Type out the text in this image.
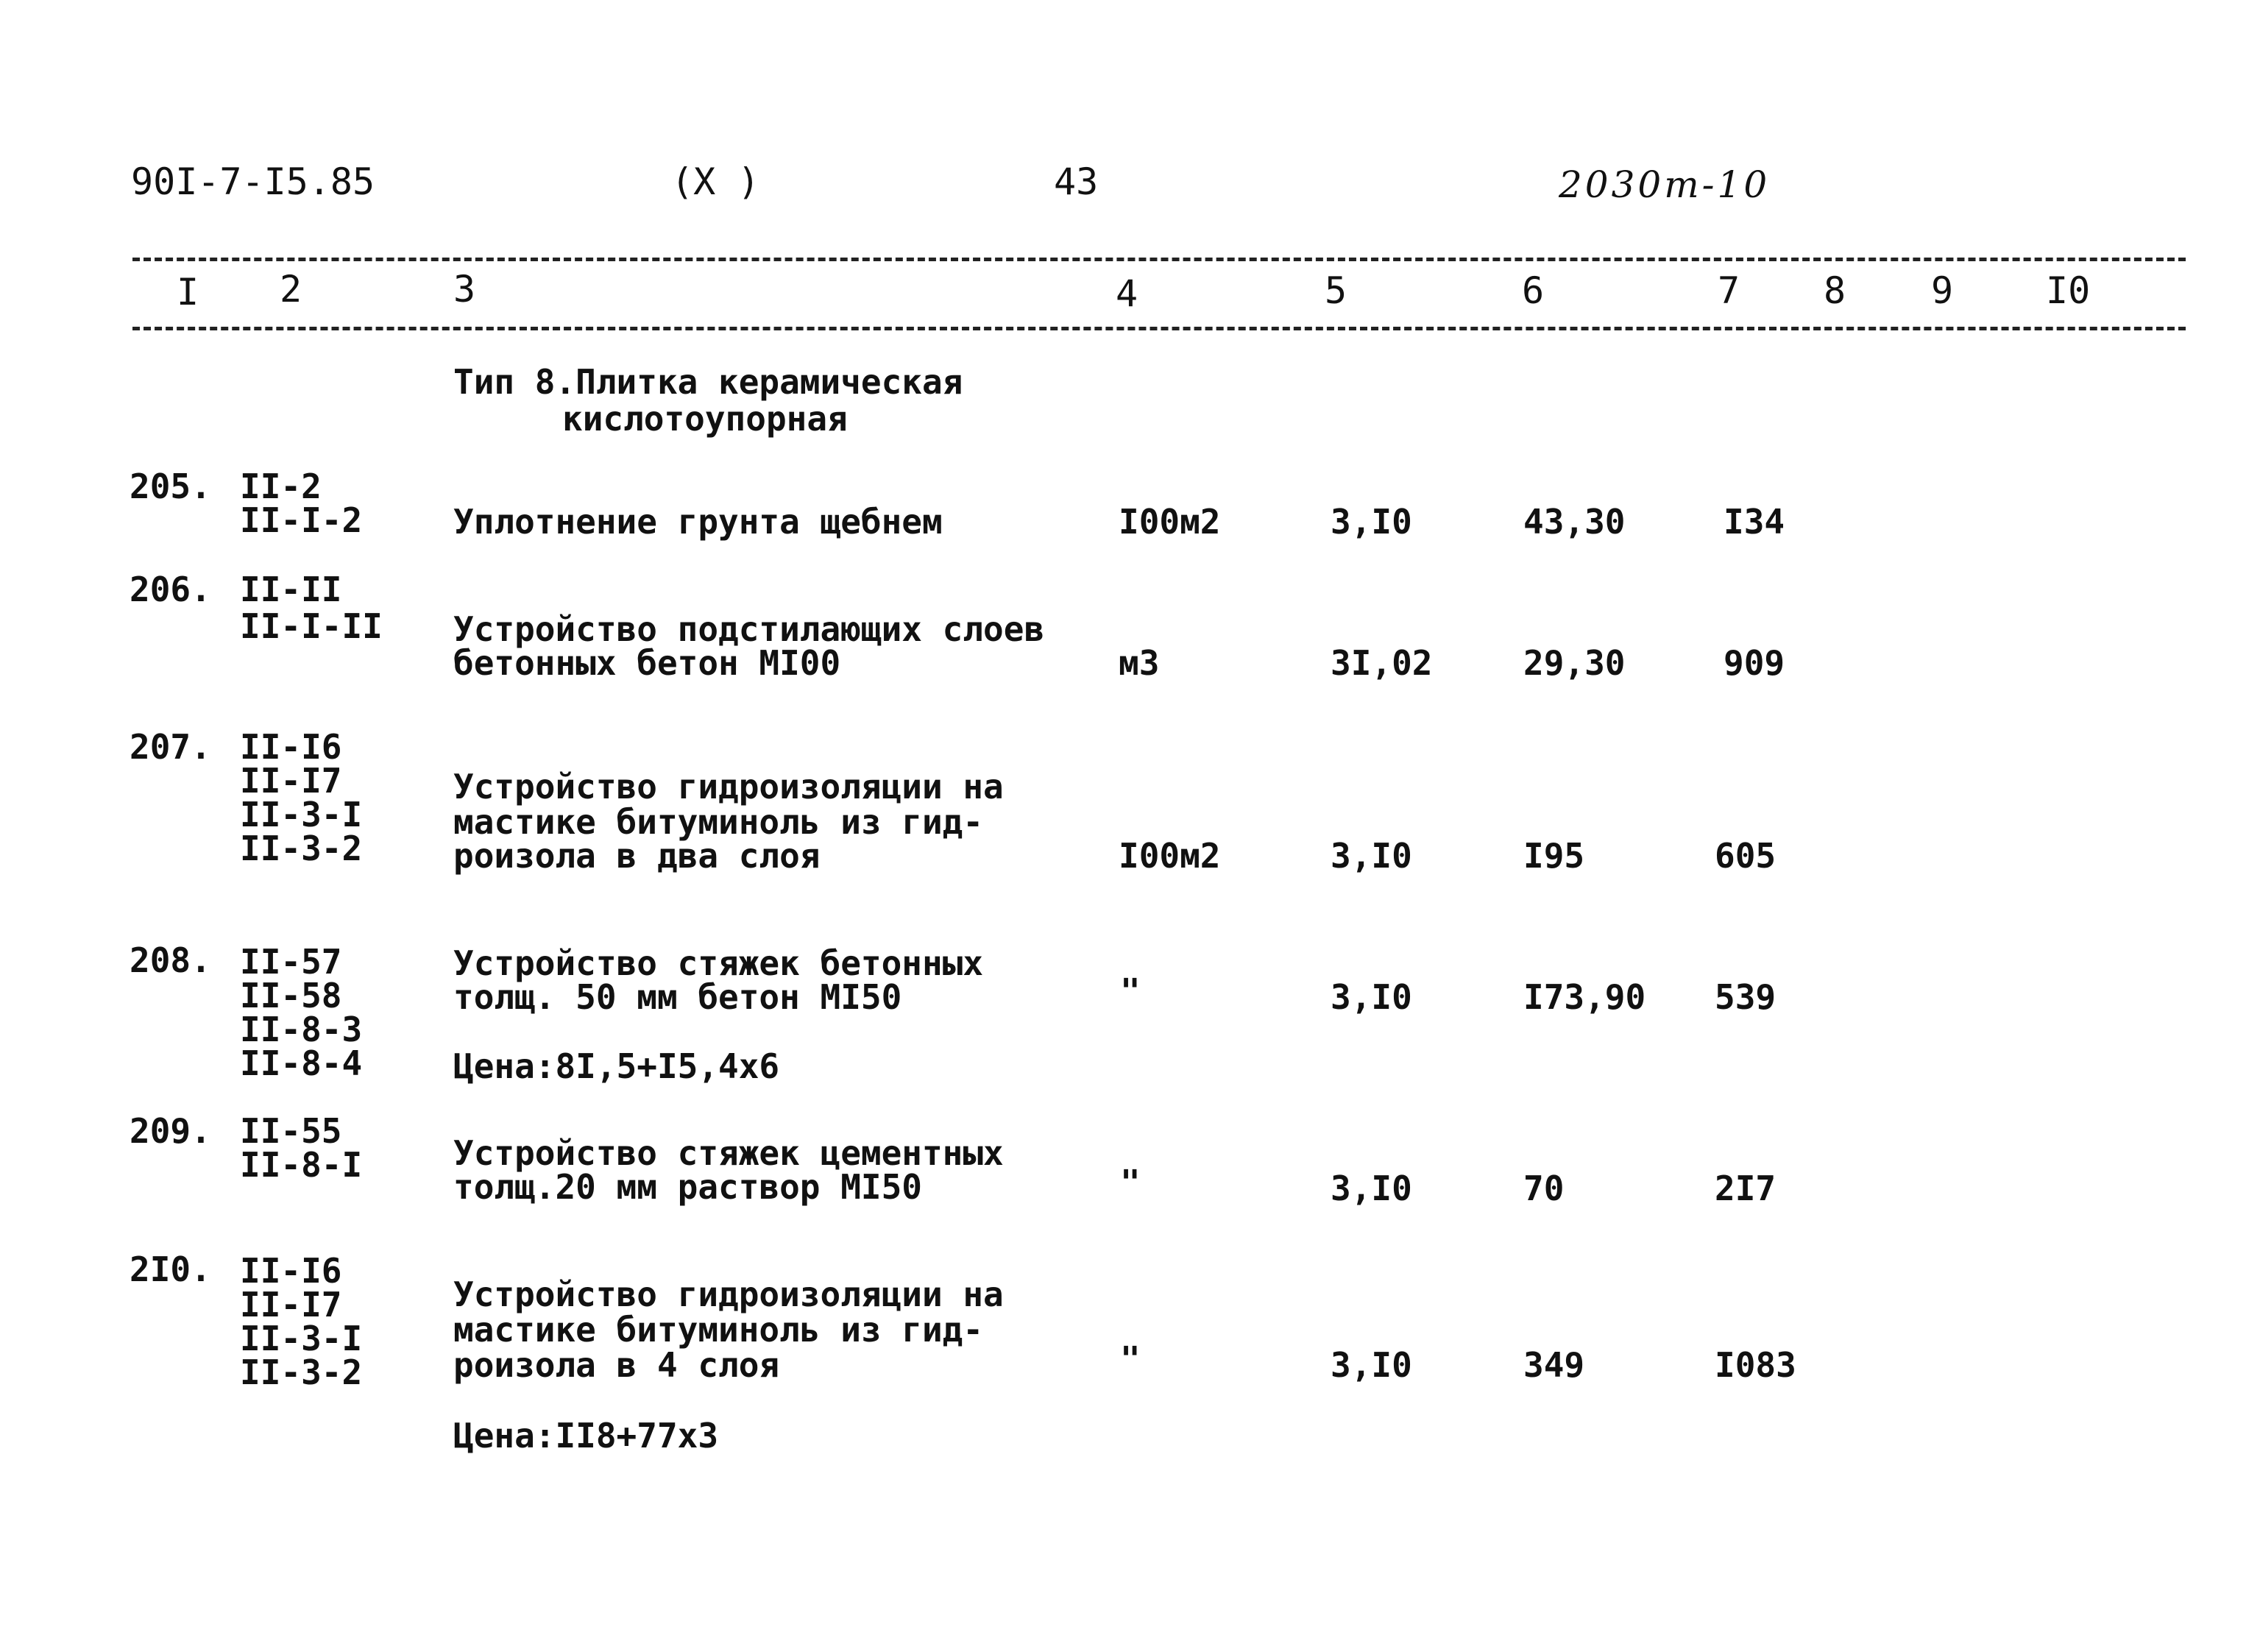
90I-7-I5.85	(X )	43	2030т-10
I 2	3	4	5	6	7 8 9	I0
Тип 8.Плитка керамическая
кислотоупорная
205. II-2
II-I-2	Уплотнение грунта щебнем	I00м2	3,I0	43,30	I34
206. II-II
II-I-II Устройство подстилающих слоев
бетонных бетон MI00	м3	3I,02	29,30	909
207. II-I6
II-I7
II-3-I
II-3-2
Устройство гидроизоляции на
мастике битуминоль из гид-
роизола в два слоя	I00м2	3,I0	I95	605
208. II-57
II-58
II-8-3
II-8-4
Устройство стяжек бетонных
толщ. 50 мм бетон MI50	"	3,I0	I73,90 539
Цена:8I,5+I5,4х6
209. II-55
II-8-I	Устройство стяжек цементных
толщ.20 мм раствор MI50	"	3,I0	70	2I7
2I0. II-I6
II-I7
II-3-I
II-3-2
Устройство гидроизоляции на
мастике битуминоль из гид-
роизола в 4 слоя	"	3,I0	349	I083
Цена:II8+77х3
